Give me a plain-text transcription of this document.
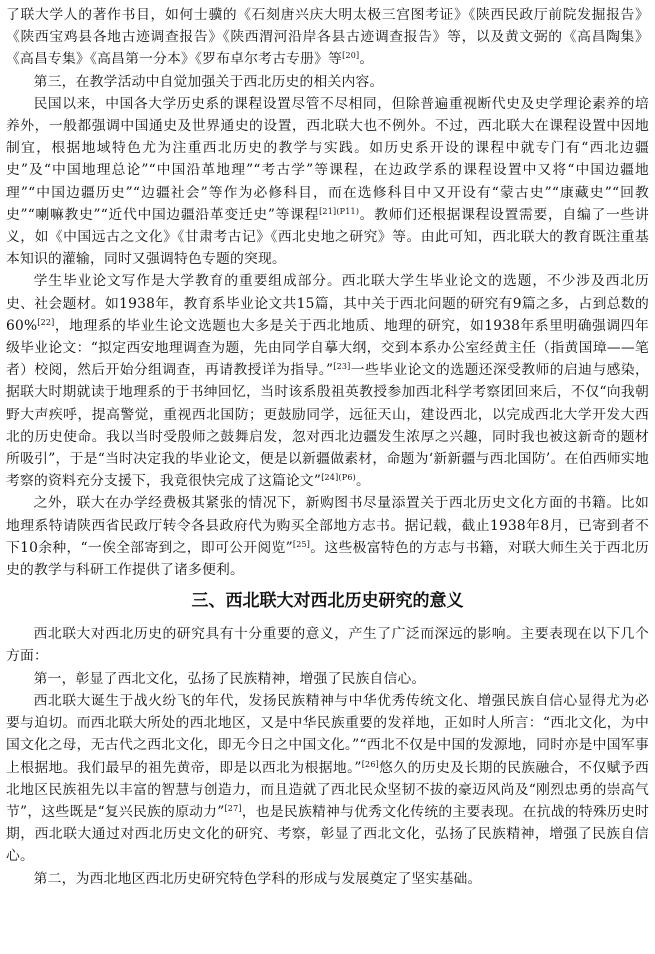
了联大学人的著作书目，如何士骥的《石刻唐兴庆大明太极三宫图考证》《陕西民政厅前院发掘报告》《陕西宝鸡县各地古迹调查报告》《陕西渭河沿岸各县古迹调查报告》等，以及黄文弼的《高昌陶集》《高昌专集》《高昌第一分本》《罗布卓尔考古专册》等[20]。

第三，在教学活动中自觉加强关于西北历史的相关内容。

民国以来，中国各大学历史系的课程设置尽管不尽相同，但除普遍重视断代史及史学理论素养的培养外，一般都强调中国通史及世界通史的设置，西北联大也不例外。不过，西北联大在课程设置中因地制宜，根据地域特色尤为注重西北历史的教学与实践。如历史系开设的课程中就专门有“西北边疆史”及“中国地理总论”“中国沿革地理”“考古学”等课程，在边政学系的课程设置中又将“中国边疆地理”“中国边疆历史”“边疆社会”等作为必修科目，而在选修科目中又开设有“蒙古史”“康藏史”“回教史”“喇嘛教史”“近代中国边疆沿革变迁史”等课程$^{[21](P11)}$。教师们还根据课程设置需要，自编了一些讲义，如《中国远古之文化》《甘肃考古记》《西北史地之研究》等。由此可知，西北联大的教育既注重基本知识的灌输，同时又强调特色专题的突现。

学生毕业论文写作是大学教育的重要组成部分。西北联大学生毕业论文的选题，不少涉及西北历史、社会题材。如1938年，教育系毕业论文共15篇，其中关于西北问题的研究有9篇之多，占到总数的60%[22]，地理系的毕业生论文选题也大多是关于西北地质、地理的研究，如1938年系里明确强调四年级毕业论文：“拟定西安地理调查为题，先由同学自摹大纲，交到本系办公室经黄主任（指黄国璋——笔者）校阅，然后开始分组调查，再请教授详为指导。”[23]一些毕业论文的选题还深受教师的启迪与感染，据联大时期就读于地理系的于书绅回忆，当时该系殷祖英教授参加西北科学考察团回来后，不仅“向我朝野大声疾呼，提高警觉，重视西北国防；更鼓励同学，远征天山，建设西北，以完成西北大学开发大西北的历史使命。我以当时受殷师之鼓舞启发，忽对西北边疆发生浓厚之兴趣，同时我也被这新奇的题材所吸引”，于是“当时决定我的毕业论文，便是以新疆做素材，命题为‘新新疆与西北国防’。在伯西师实地考察的资料充分支援下，我竟很快完成了这篇论文”$^{[24](P6)}$。

之外，联大在办学经费极其紧张的情况下，新购图书尽量添置关于西北历史文化方面的书籍。比如地理系特请陕西省民政厅转令各县政府代为购买全部地方志书。据记载，截止1938年8月，已寄到者不下10余种，“一俟全部寄到之，即可公开阅览”[25]。这些极富特色的方志与书籍，对联大师生关于西北历史的教学与科研工作提供了诸多便利。

三、西北联大对西北历史研究的意义

西北联大对西北历史的研究具有十分重要的意义，产生了广泛而深远的影响。主要表现在以下几个方面：

第一，彰显了西北文化，弘扬了民族精神，增强了民族自信心。

西北联大诞生于战火纷飞的年代，发扬民族精神与中华优秀传统文化、增强民族自信心显得尤为必要与迫切。而西北联大所处的西北地区，又是中华民族重要的发祥地，正如时人所言：“西北文化，为中国文化之母，无古代之西北文化，即无今日之中国文化。”“西北不仅是中国的发源地，同时亦是中国军事上根据地。我们最早的祖先黄帝，即是以西北为根据地。”[26]悠久的历史及长期的民族融合，不仅赋予西北地区民族祖先以丰富的智慧与创造力，而且造就了西北民众坚韧不拔的豪迈风尚及“刚烈忠勇的崇高气节”，这些既是“复兴民族的原动力”[27]，也是民族精神与优秀文化传统的主要表现。在抗战的特殊历史时期，西北联大通过对西北历史文化的研究、考察，彰显了西北文化，弘扬了民族精神，增强了民族自信心。

第二，为西北地区西北历史研究特色学科的形成与发展奠定了坚实基础。
